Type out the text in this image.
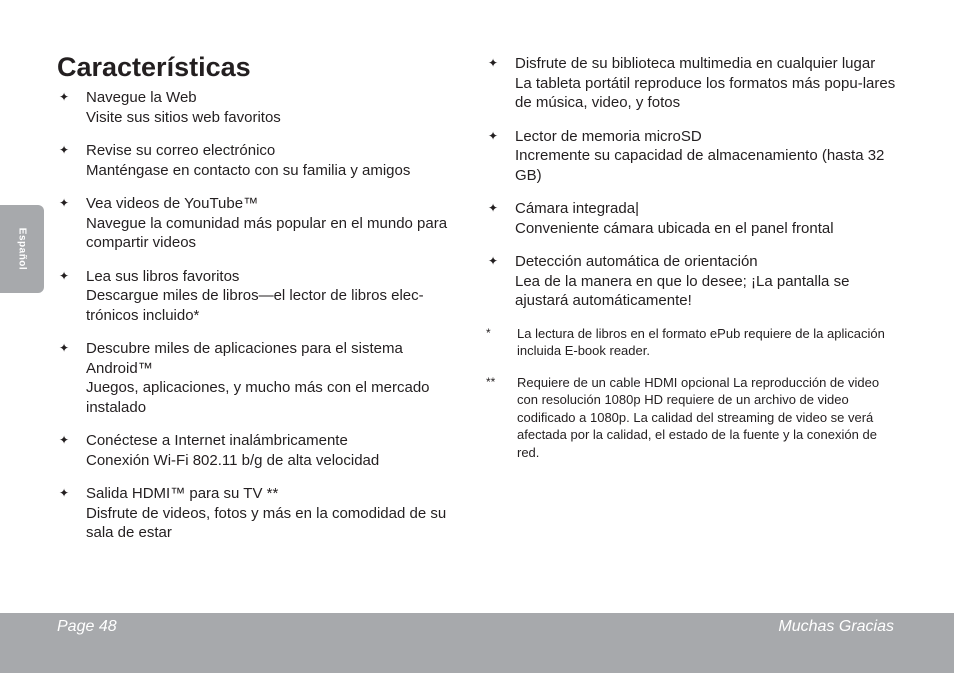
Características
Español
✦ Navegue la Web
Visite sus sitios web favoritos
✦ Revise su correo electrónico
Manténgase en contacto con su familia y amigos
✦ Vea videos de YouTube™
Navegue la comunidad más popular en el mundo para compartir videos
✦ Lea sus libros favoritos
Descargue miles de libros—el lector de libros elec-trónicos incluido*
✦ Descubre miles de aplicaciones para el sistema Android™
Juegos, aplicaciones, y mucho más con el mercado instalado
✦ Conéctese a Internet inalámbricamente
Conexión Wi-Fi 802.11 b/g de alta velocidad
✦ Salida HDMI™ para su TV **
Disfrute de videos, fotos y más en la comodidad de su sala de estar
✦ Disfrute de su biblioteca multimedia en cualquier lugar
La tableta portátil reproduce los formatos más popu-lares de música, video, y fotos
✦ Lector de memoria microSD
Incremente su capacidad de almacenamiento (hasta 32 GB)
✦ Cámara integrada|
Conveniente cámara ubicada en el panel frontal
✦ Detección automática de orientación
Lea de la manera en que lo desee; ¡La pantalla se ajustará automáticamente!
* La lectura de libros en el formato ePub requiere de la aplicación incluida E-book reader.
** Requiere de un cable HDMI opcional La reproducción de video con resolución 1080p HD requiere de un archivo de video codificado a 1080p. La calidad del streaming de video se verá afectada por la calidad, el estado de la fuente y la conexión de red.
Page 48	Muchas Gracias
